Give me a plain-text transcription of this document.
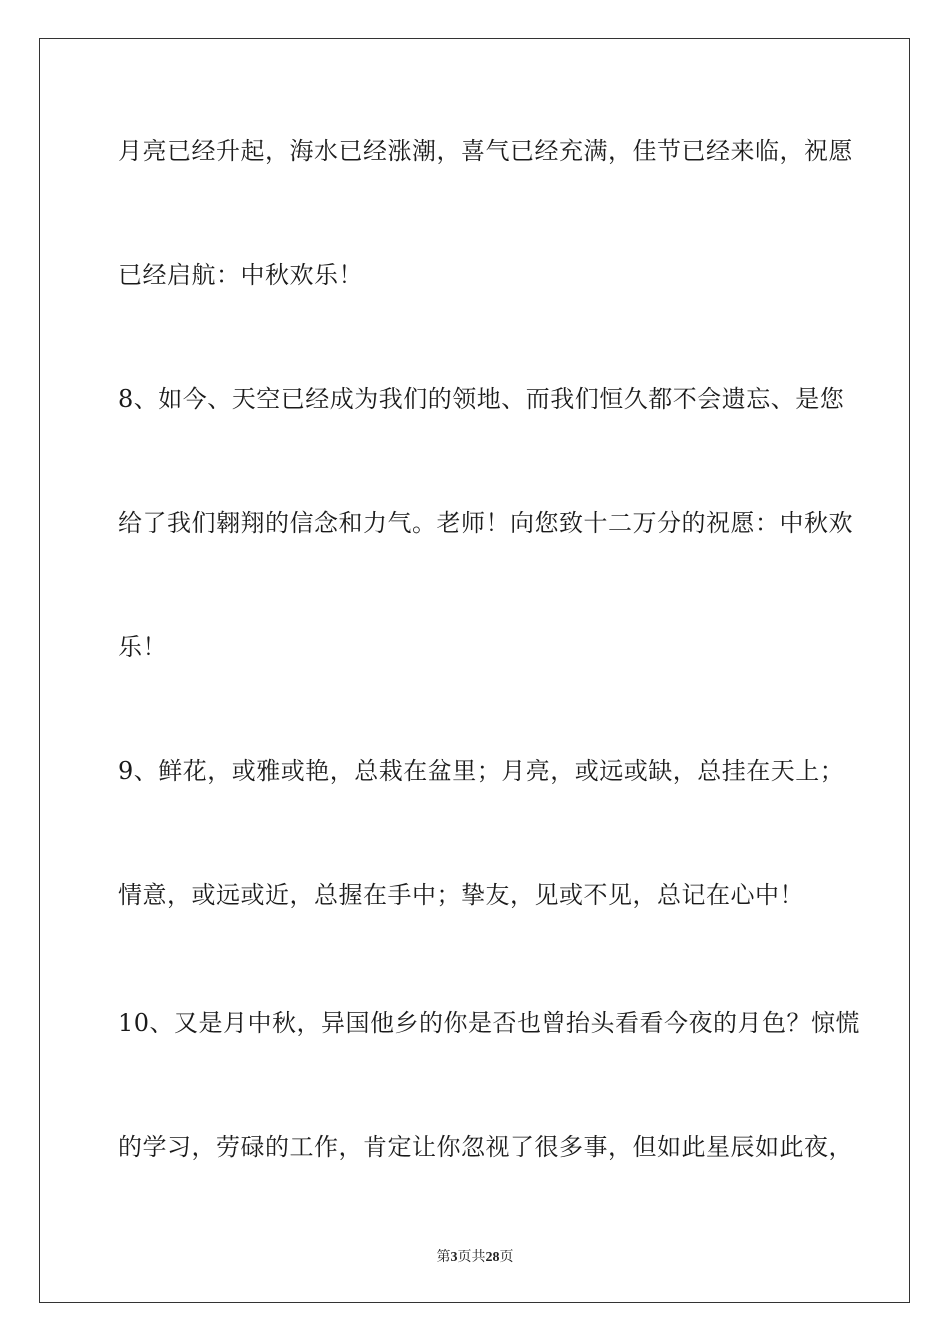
月亮已经升起，海水已经涨潮，喜气已经充满，佳节已经来临，祝愿
已经启航：中秋欢乐！
8、如今、天空已经成为我们的领地、而我们恒久都不会遗忘、是您
给了我们翱翔的信念和力气。老师！向您致十二万分的祝愿：中秋欢
乐！
9、鲜花，或雅或艳，总栽在盆里；月亮，或远或缺，总挂在天上；
情意，或远或近，总握在手中；挚友，见或不见，总记在心中！
10、又是月中秋，异国他乡的你是否也曾抬头看看今夜的月色？惊慌
的学习，劳碌的工作，肯定让你忽视了很多事，但如此星辰如此夜，
第3页共28页
